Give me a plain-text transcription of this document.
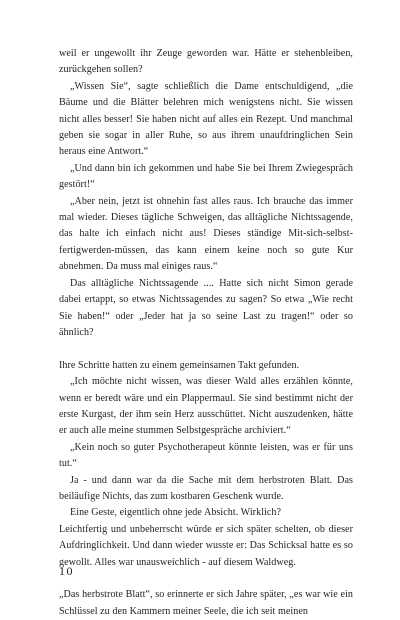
weil er ungewollt ihr Zeuge geworden war. Hätte er stehenbleiben, zurückgehen sollen?

„Wissen Sie“, sagte schließlich die Dame entschuldigend, „die Bäume und die Blätter belehren mich wenigstens nicht. Sie wissen nicht alles besser! Sie haben nicht auf alles ein Rezept. Und manchmal geben sie sogar in aller Ruhe, so aus ihrem unaufdringlichen Sein heraus eine Antwort.“

„Und dann bin ich gekommen und habe Sie bei Ihrem Zwiegespräch gestört!“

„Aber nein, jetzt ist ohnehin fast alles raus. Ich brauche das immer mal wieder. Dieses tägliche Schweigen, das alltägliche Nichtssagende, das halte ich einfach nicht aus! Dieses ständige Mit-sich-selbst-fertigwerden-müssen, das kann einem keine noch so gute Kur abnehmen. Da muss mal einiges raus.“

Das alltägliche Nichtssagende .... Hatte sich nicht Simon gerade dabei ertappt, so etwas Nichtssagendes zu sagen? So etwa „Wie recht Sie haben!“ oder „Jeder hat ja so seine Last zu tragen!“ oder so ähnlich?

Ihre Schritte hatten zu einem gemeinsamen Takt gefunden.

„Ich möchte nicht wissen, was dieser Wald alles erzählen könnte, wenn er beredt wäre und ein Plappermaul. Sie sind bestimmt nicht der erste Kurgast, der ihm sein Herz ausschüttet. Nicht auszudenken, hätte er auch alle meine stummen Selbstgespräche archiviert.“

„Kein noch so guter Psychotherapeut könnte leisten, was er für uns tut.“

Ja - und dann war da die Sache mit dem herbstroten Blatt. Das beiläufige Nichts, das zum kostbaren Geschenk wurde.

Eine Geste, eigentlich ohne jede Absicht. Wirklich?

Leichtfertig und unbeherrscht würde er sich später schelten, ob dieser Aufdringlichkeit. Und dann wieder wusste er: Das Schicksal hatte es so gewollt. Alles war unausweichlich - auf diesem Waldweg.

„Das herbstrote Blatt“, so erinnerte er sich Jahre später, „es war wie ein Schlüssel zu den Kammern meiner Seele, die ich seit meinen

10
